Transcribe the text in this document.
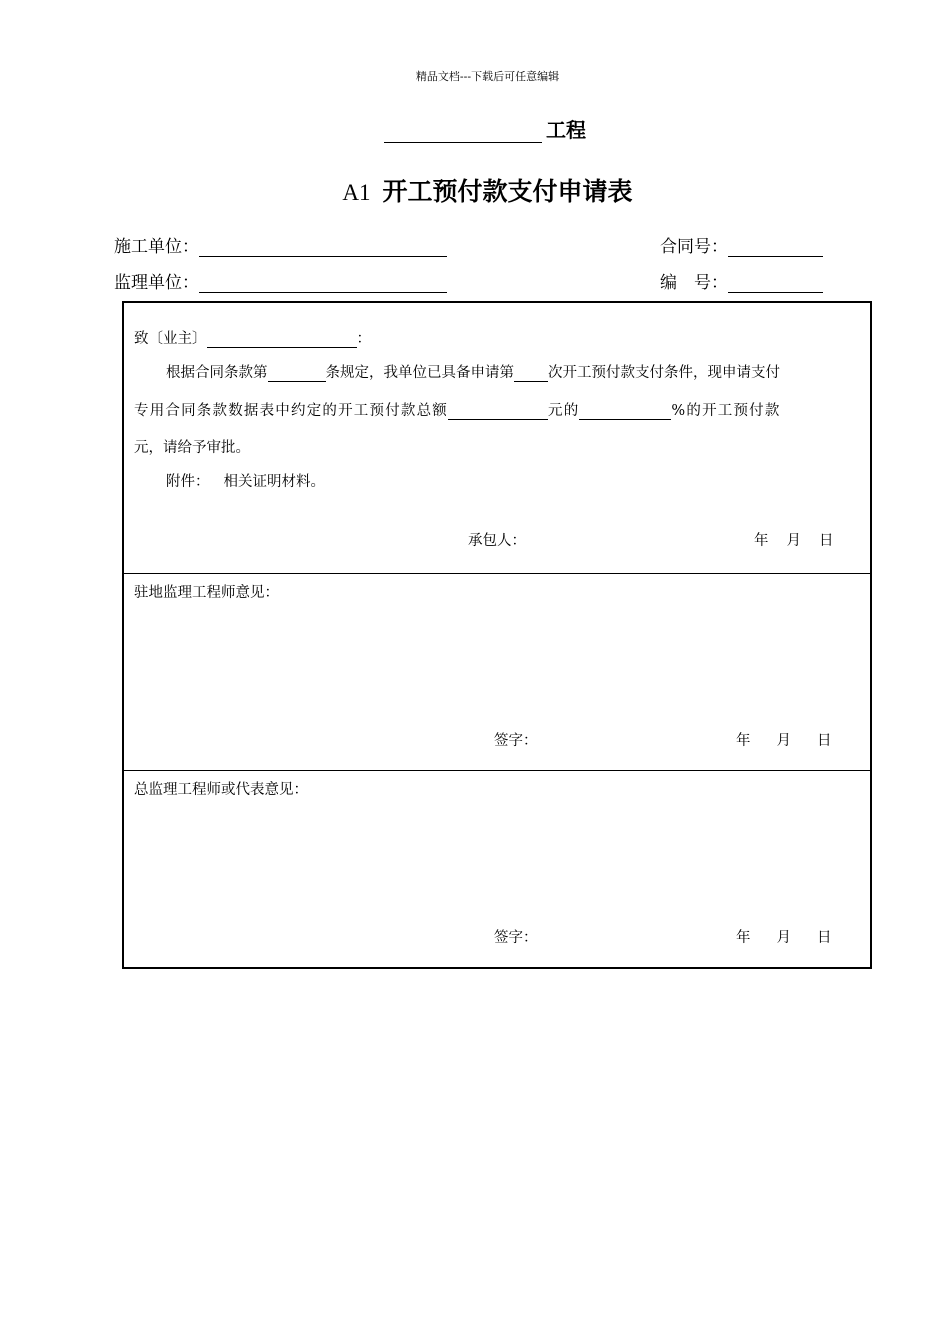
精品文档---下载后可任意编辑
工程
A1 开工预付款支付申请表
施工单位：	合同号：
监理单位：	编　号：
致〔业主〕	：
根据合同条款第	条规定，我单位已具备申请第 次开工预付款支付条件，现申请支付
专用合同条款数据表中约定的开工预付款总额	元的	%的开工预付款
元，请给予审批。
附件： 相关证明材料。
承包人：	年 月 日
驻地监理工程师意见：
签字：	年 月 日
总监理工程师或代表意见：
签字：	年 月 日
